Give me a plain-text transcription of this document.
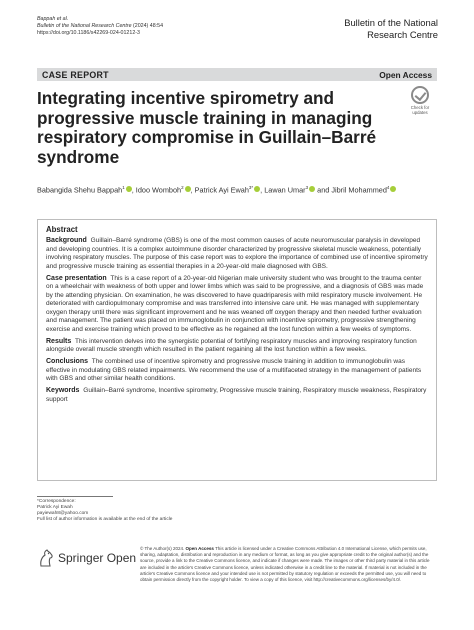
Bappah et al.
Bulletin of the National Research Centre (2024) 48:54
https://doi.org/10.1186/s42269-024-01212-3
Bulletin of the National Research Centre
CASE REPORT	Open Access
Check for updates
Integrating incentive spirometry and progressive muscle training in managing respiratory compromise in Guillain–Barré syndrome
Babangida Shehu Bappah$^1$ , Idoo Womboh$^2$ , Patrick Ayi Ewah$^{3*}$ , Lawan Umar$^3$ and Jibril Mohammed$^4$
Abstract

Background Guillain–Barré syndrome (GBS) is one of the most common causes of acute neuromuscular paralysis in developed and developing countries. It is a complex autoimmune disorder characterized by progressive skeletal muscle weakness, potentially involving respiratory muscles. The purpose of this case report was to explore the importance of combined use of incentive spirometry and progressive muscle training as essential therapies in a 20-year-old male diagnosed with GBS.

Case presentation This is a case report of a 20-year-old Nigerian male university student who was brought to the trauma center on a wheelchair with weakness of both upper and lower limbs which was said to be progressive, and a diagnosis of GBS was made by the attending physician. On examination, he was discovered to have quadriparesis with mild respiratory muscle involvement. He deteriorated with cardiopulmonary compromise and was transferred into intensive care unit. He was managed with supplementary oxygen therapy until there was significant improvement and he was weaned off oxygen therapy and then needed further evaluation and management. The patient was placed on immunoglobulin in conjunction with incentive spirometry, progressive strengthening exercise and exercise training which proved to be effective as he regained all the lost function within a few weeks of symptoms.

Results This intervention delves into the synergistic potential of fortifying respiratory muscles and improving respiratory function alongside overall muscle strength which resulted in the patient regaining all the lost function within a few weeks.

Conclusions The combined use of incentive spirometry and progressive muscle training in addition to immunoglobulin was effective in modulating GBS related impairments. We recommend the use of a multifaceted strategy in the management of patients with GBS and other similar health conditions.

Keywords Guillain–Barré syndrome, Incentive spirometry, Progressive muscle training, Respiratory muscle weakness, Respiratory support

*Correspondence:
Patrick Ayi Ewah
payiewah8@yahoo.com
Full list of author information is available at the end of the article
Springer Open
© The Author(s) 2024. Open Access This article is licensed under a Creative Commons Attribution 4.0 International License, which permits use, sharing, adaptation, distribution and reproduction in any medium or format, as long as you give appropriate credit to the original author(s) and the source, provide a link to the Creative Commons licence, and indicate if changes were made. The images or other third party material in this article are included in the article's Creative Commons licence, unless indicated otherwise in a credit line to the material. If material is not included in the article's Creative Commons licence and your intended use is not permitted by statutory regulation or exceeds the permitted use, you will need to obtain permission directly from the copyright holder. To view a copy of this licence, visit http://creativecommons.org/licenses/by/4.0/.
